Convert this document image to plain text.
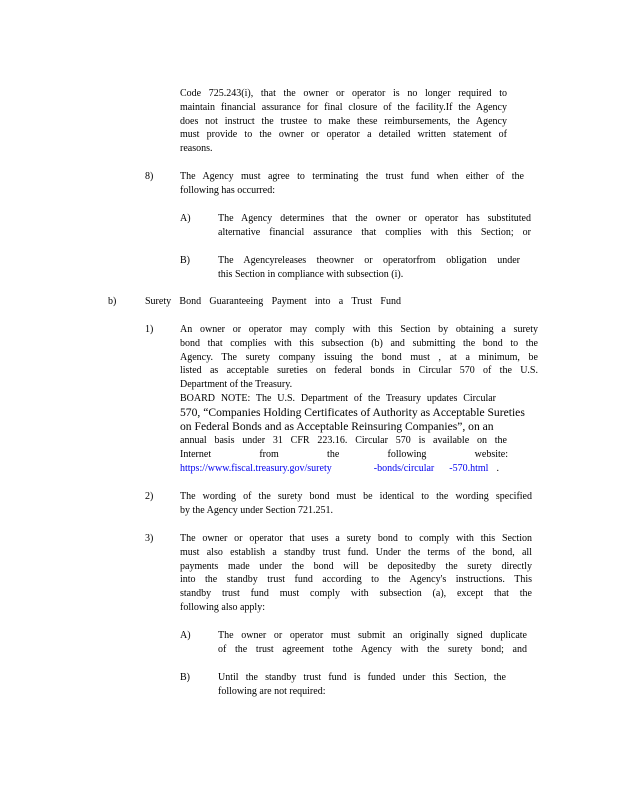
Code 725.243(i), that the owner or operator is no longer required to
maintain financial assurance for final closure of the facility.If the Agency
does not instruct the trustee to make these reimbursements, the Agency
must provide to the owner or operator a detailed written statement of
reasons.
8)	The Agency must agree to terminating the trust fund when either of the
following has occurred:
A)	The Agency determines that the owner or operator has substituted
alternative financial assurance that complies with this Section; or
B)	The Agencyreleases theowner or operatorfrom obligation under
this Section in compliance with subsection (i).
b)	Surety Bond Guaranteeing Payment into a Trust Fund
1)	An owner or operator may comply with this Section by obtaining a surety
bond that complies with this subsection (b) and submitting the bond to the
Agency. The surety company issuing the bond must , at a minimum, be
listed as acceptable sureties on federal bonds in Circular 570 of the U.S.
Department of the Treasury.
BOARD NOTE: The U.S. Department of the Treasury updates Circular
570, “Companies Holding Certificates of Authority as Acceptable Sureties
on Federal Bonds and as Acceptable Reinsuring Companies”, on an
annual basis under 31 CFR 223.16. Circular 570 is available on the
Internet from the following website:
https://www.fiscal.treasury.gov/surety	-bonds/circular -570.html .
2)	The wording of the surety bond must be identical to the wording specified
by the Agency under Section 721.251.
3)	The owner or operator that uses a surety bond to comply with this Section
must also establish a standby trust fund. Under the terms of the bond, all
payments made under the bond will be depositedby the surety directly
into the standby trust fund according to the Agency's instructions. This
standby trust fund must comply with subsection (a), except that the
following also apply:
A)	The owner or operator must submit an originally signed duplicate
of the trust agreement tothe Agency with the surety bond; and
B)	Until the standby trust fund is funded under this Section, the
following are not required:
